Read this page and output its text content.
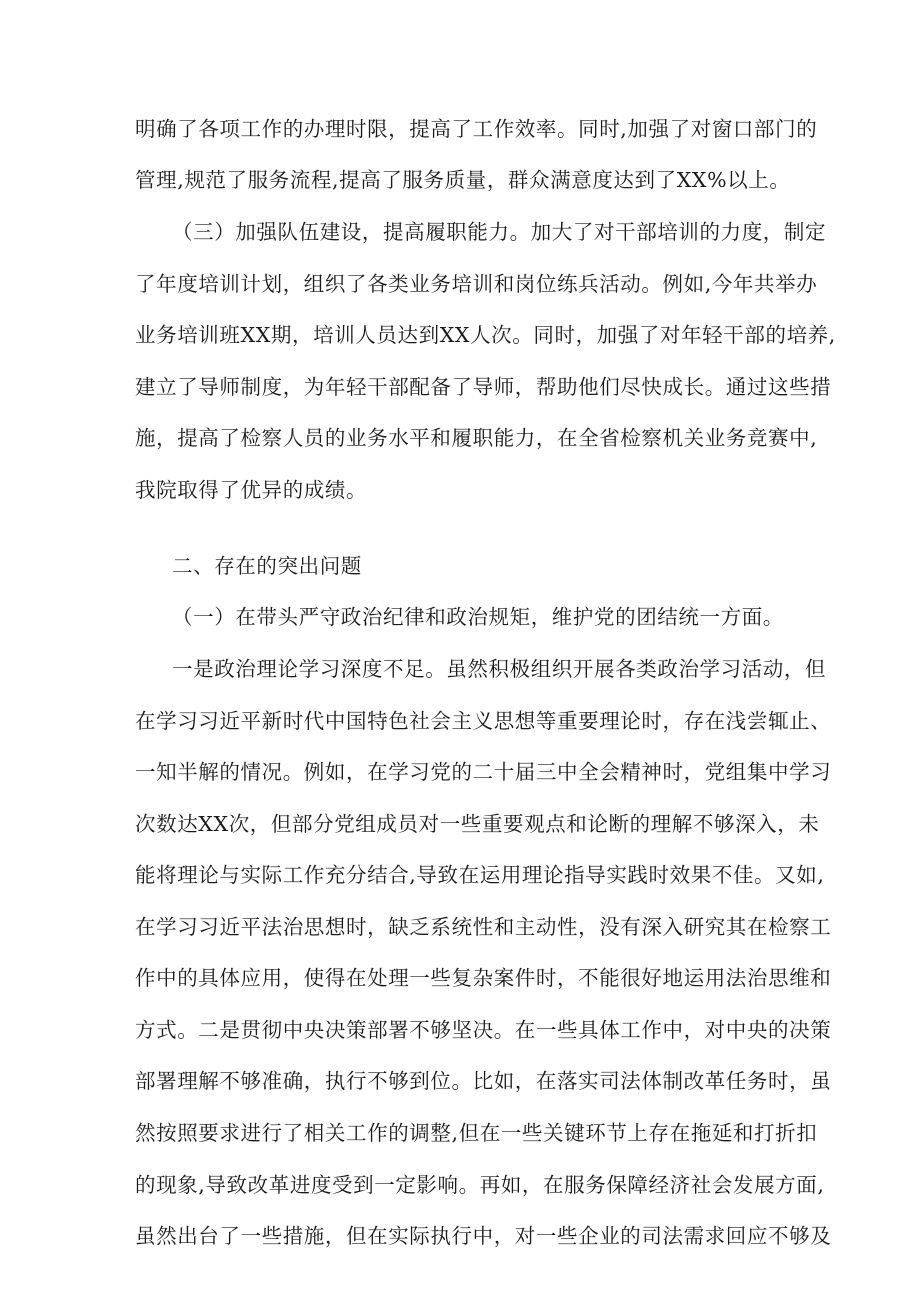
明确了各项工作的办理时限，提高了工作效率。同时,加强了对窗口部门的
管理,规范了服务流程,提高了服务质量，群众满意度达到了XX%以上。
（三）加强队伍建设，提高履职能力。加大了对干部培训的力度，制定
了年度培训计划，组织了各类业务培训和岗位练兵活动。例如,今年共举办
业务培训班XX期，培训人员达到XX人次。同时，加强了对年轻干部的培养,
建立了导师制度，为年轻干部配备了导师，帮助他们尽快成长。通过这些措
施，提高了检察人员的业务水平和履职能力，在全省检察机关业务竞赛中,
我院取得了优异的成绩。
二、存在的突出问题
（一）在带头严守政治纪律和政治规矩，维护党的团结统一方面。
一是政治理论学习深度不足。虽然积极组织开展各类政治学习活动，但
在学习习近平新时代中国特色社会主义思想等重要理论时，存在浅尝辄止、
一知半解的情况。例如，在学习党的二十届三中全会精神时，党组集中学习
次数达XX次，但部分党组成员对一些重要观点和论断的理解不够深入，未
能将理论与实际工作充分结合,导致在运用理论指导实践时效果不佳。又如,
在学习习近平法治思想时，缺乏系统性和主动性，没有深入研究其在检察工
作中的具体应用，使得在处理一些复杂案件时，不能很好地运用法治思维和
方式。二是贯彻中央决策部署不够坚决。在一些具体工作中，对中央的决策
部署理解不够准确，执行不够到位。比如，在落实司法体制改革任务时，虽
然按照要求进行了相关工作的调整,但在一些关键环节上存在拖延和打折扣
的现象,导致改革进度受到一定影响。再如，在服务保障经济社会发展方面,
虽然出台了一些措施，但在实际执行中，对一些企业的司法需求回应不够及
